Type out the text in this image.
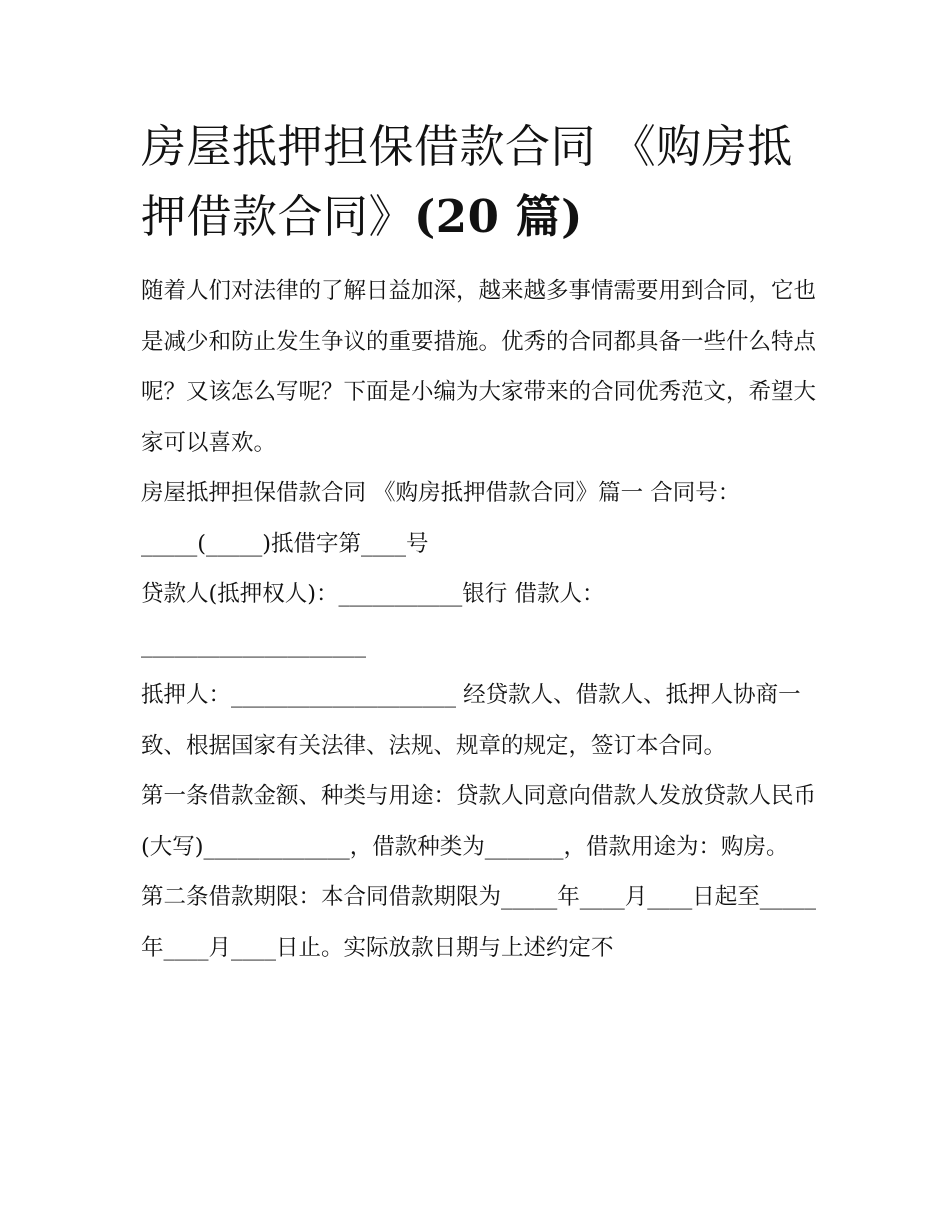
房屋抵押担保借款合同 《购房抵押借款合同》(20 篇)

随着人们对法律的了解日益加深，越来越多事情需要用到合同，它也是减少和防止发生争议的重要措施。优秀的合同都具备一些什么特点呢？又该怎么写呢？下面是小编为大家带来的合同优秀范文，希望大家可以喜欢。

房屋抵押担保借款合同 《购房抵押借款合同》篇一 合同号：

_____(_____)抵借字第____号

贷款人(抵押权人)：___________银行 借款人：

____________________

抵押人：____________________ 经贷款人、借款人、抵押人协商一致、根据国家有关法律、法规、规章的规定，签订本合同。

第一条借款金额、种类与用途：贷款人同意向借款人发放贷款人民币(大写)_____________，借款种类为_______，借款用途为：购房。

第二条借款期限：本合同借款期限为_____年____月____日起至_____年____月____日止。实际放款日期与上述约定不
